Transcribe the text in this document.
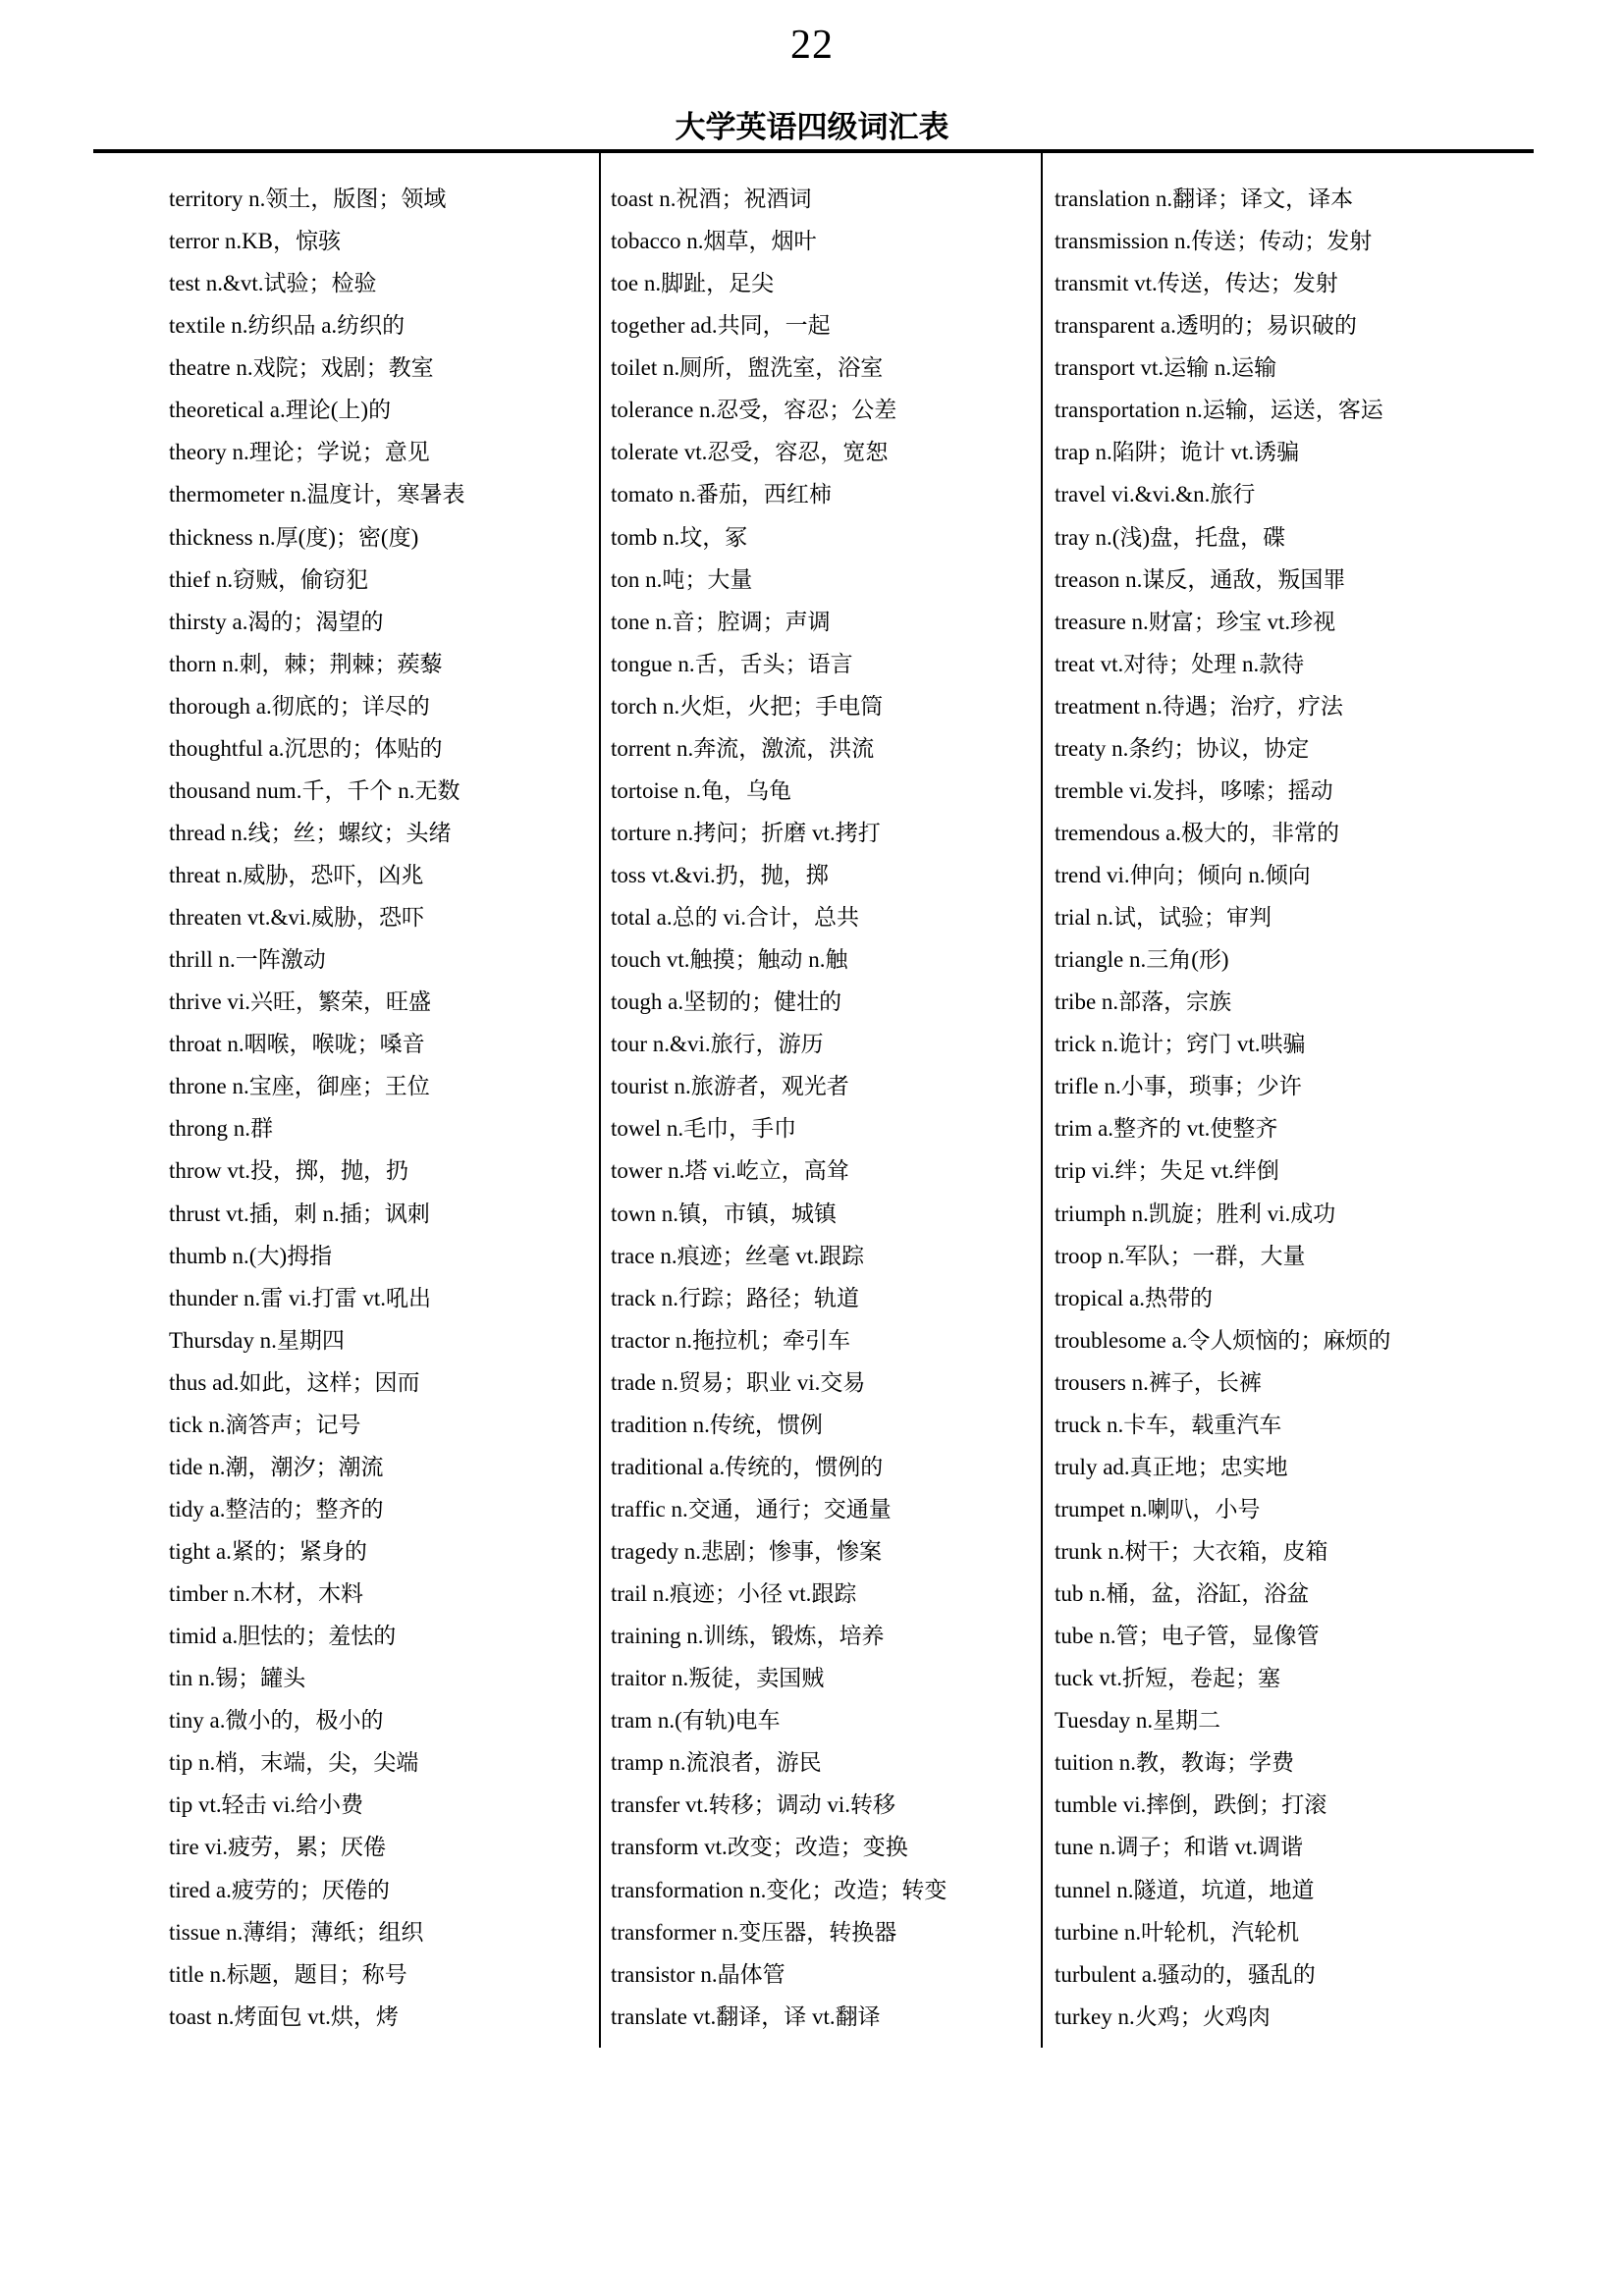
22
大学英语四级词汇表
territory n.领土，版图；领域
terror n.KB，惊骇
test n.&vt.试验；检验
textile n.纺织品 a.纺织的
theatre n.戏院；戏剧；教室
theoretical a.理论(上)的
theory n.理论；学说；意见
thermometer n.温度计，寒暑表
thickness n.厚(度)；密(度)
thief n.窃贼，偷窃犯
thirsty a.渴的；渴望的
thorn n.刺，棘；荆棘；蒺藜
thorough a.彻底的；详尽的
thoughtful a.沉思的；体贴的
thousand num.千，千个 n.无数
thread n.线；丝；螺纹；头绪
threat n.威胁，恐吓，凶兆
threaten vt.&vi.威胁，恐吓
thrill n.一阵激动
thrive vi.兴旺，繁荣，旺盛
throat n.咽喉，喉咙；嗓音
throne n.宝座，御座；王位
throng n.群
throw vt.投，掷，抛，扔
thrust vt.插，刺 n.插；讽刺
thumb n.(大)拇指
thunder n.雷 vi.打雷 vt.吼出
Thursday n.星期四
thus ad.如此，这样；因而
tick n.滴答声；记号
tide n.潮，潮汐；潮流
tidy a.整洁的；整齐的
tight a.紧的；紧身的
timber n.木材，木料
timid a.胆怯的；羞怯的
tin n.锡；罐头
tiny a.微小的，极小的
tip n.梢，末端，尖，尖端
tip vt.轻击 vi.给小费
tire vi.疲劳，累；厌倦
tired a.疲劳的；厌倦的
tissue n.薄绢；薄纸；组织
title n.标题，题目；称号
toast n.烤面包 vt.烘，烤
toast n.祝酒；祝酒词
tobacco n.烟草，烟叶
toe n.脚趾，足尖
together ad.共同，一起
toilet n.厕所，盥洗室，浴室
tolerance n.忍受，容忍；公差
tolerate vt.忍受，容忍，宽恕
tomato n.番茄，西红柿
tomb n.坟，冢
ton n.吨；大量
tone n.音；腔调；声调
tongue n.舌，舌头；语言
torch n.火炬，火把；手电筒
torrent n.奔流，激流，洪流
tortoise n.龟，乌龟
torture n.拷问；折磨 vt.拷打
toss vt.&vi.扔，抛，掷
total a.总的 vi.合计，总共
touch vt.触摸；触动 n.触
tough a.坚韧的；健壮的
tour n.&vi.旅行，游历
tourist n.旅游者，观光者
towel n.毛巾，手巾
tower n.塔 vi.屹立，高耸
town n.镇，市镇，城镇
trace n.痕迹；丝毫 vt.跟踪
track n.行踪；路径；轨道
tractor n.拖拉机；牵引车
trade n.贸易；职业 vi.交易
tradition n.传统，惯例
traditional a.传统的，惯例的
traffic n.交通，通行；交通量
tragedy n.悲剧；惨事，惨案
trail n.痕迹；小径 vt.跟踪
training n.训练，锻炼，培养
traitor n.叛徒，卖国贼
tram n.(有轨)电车
tramp n.流浪者，游民
transfer vt.转移；调动 vi.转移
transform vt.改变；改造；变换
transformation n.变化；改造；转变
transformer n.变压器，转换器
transistor n.晶体管
translate vt.翻译，译 vt.翻译
translation n.翻译；译文，译本
transmission n.传送；传动；发射
transmit vt.传送，传达；发射
transparent a.透明的；易识破的
transport vt.运输 n.运输
transportation n.运输，运送，客运
trap n.陷阱；诡计 vt.诱骗
travel vi.&vi.&n.旅行
tray n.(浅)盘，托盘，碟
treason n.谋反，通敌，叛国罪
treasure n.财富；珍宝 vt.珍视
treat vt.对待；处理 n.款待
treatment n.待遇；治疗，疗法
treaty n.条约；协议，协定
tremble vi.发抖，哆嗦；摇动
tremendous a.极大的，非常的
trend vi.伸向；倾向 n.倾向
trial n.试，试验；审判
triangle n.三角(形)
tribe n.部落，宗族
trick n.诡计；窍门 vt.哄骗
trifle n.小事，琐事；少许
trim a.整齐的 vt.使整齐
trip vi.绊；失足 vt.绊倒
triumph n.凯旋；胜利 vi.成功
troop n.军队；一群，大量
tropical a.热带的
troublesome a.令人烦恼的；麻烦的
trousers n.裤子，长裤
truck n.卡车，载重汽车
truly ad.真正地；忠实地
trumpet n.喇叭，小号
trunk n.树干；大衣箱，皮箱
tub n.桶，盆，浴缸，浴盆
tube n.管；电子管，显像管
tuck vt.折短，卷起；塞
Tuesday n.星期二
tuition n.教，教诲；学费
tumble vi.摔倒，跌倒；打滚
tune n.调子；和谐 vt.调谐
tunnel n.隧道，坑道，地道
turbine n.叶轮机，汽轮机
turbulent a.骚动的，骚乱的
turkey n.火鸡；火鸡肉
